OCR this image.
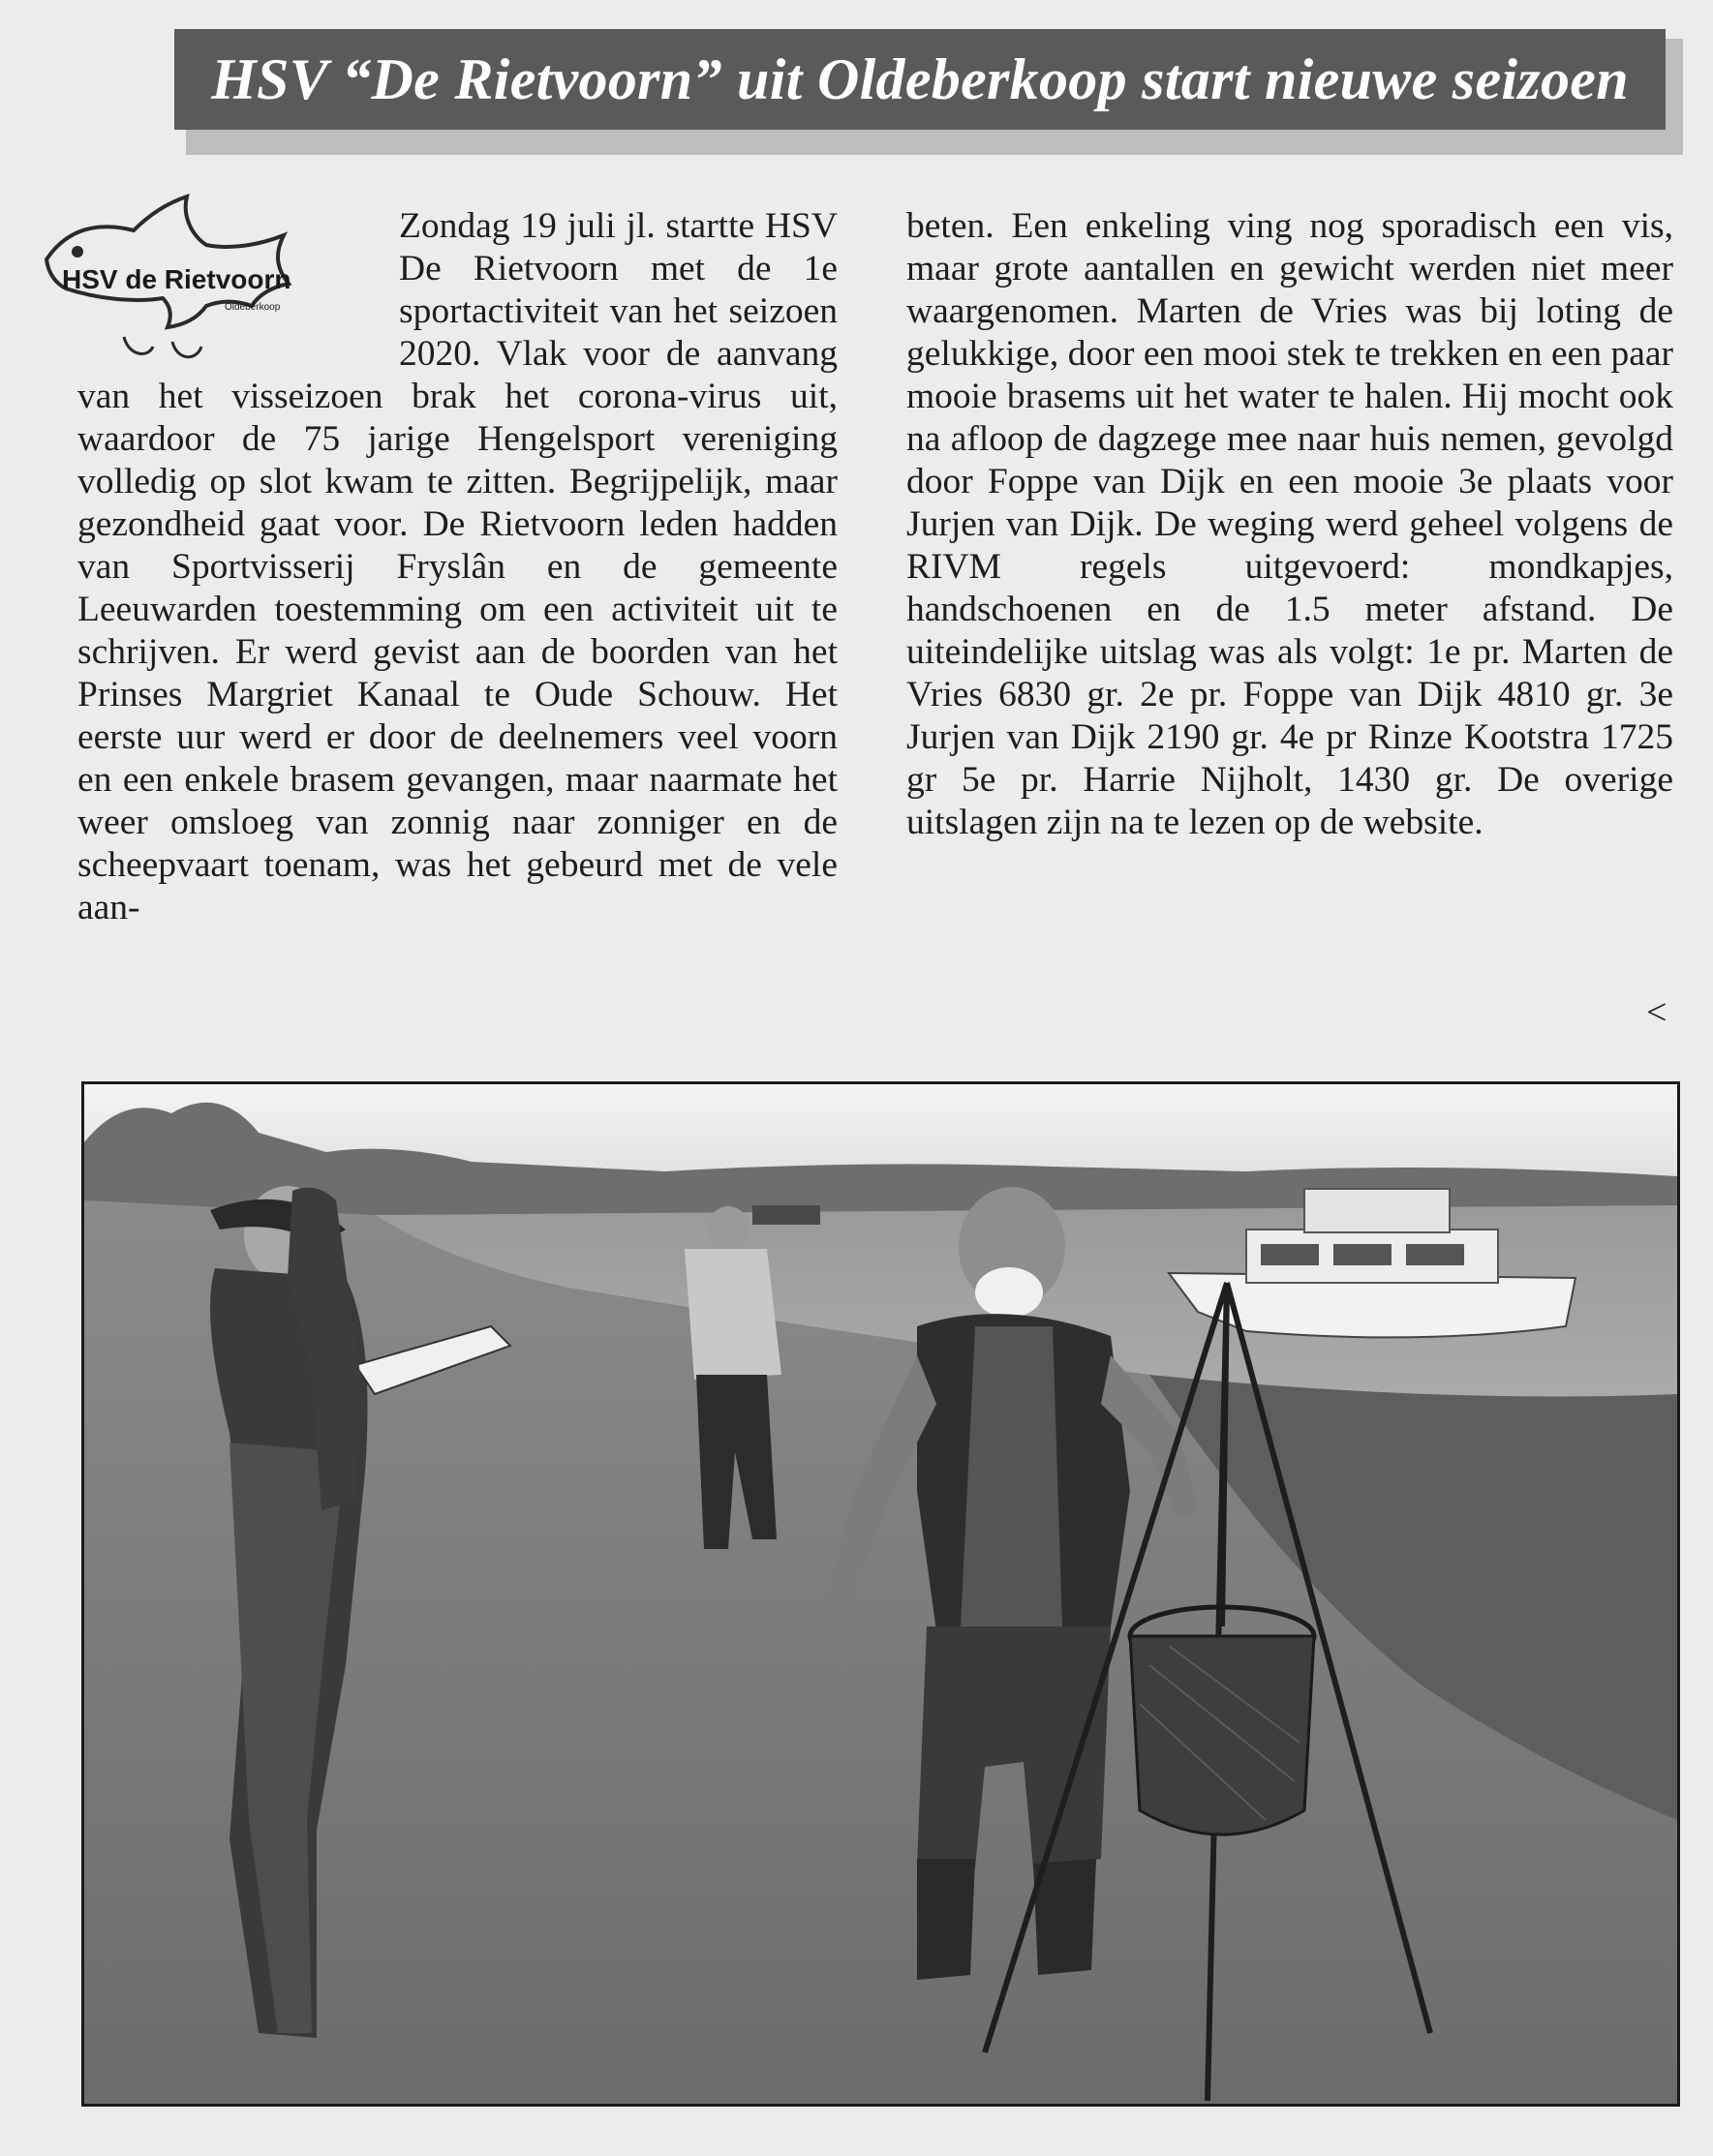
HSV “De Rietvoorn” uit Oldeberkoop start nieuwe seizoen
HSV de Rietvoorn
Oldeberkoop

Zondag 19 juli jl. startte HSV De Rietvoorn met de 1e sportactiviteit van het seizoen 2020. Vlak voor de aanvang van het visseizoen brak het corona-virus uit, waardoor de 75 jarige Hengelsport vereniging volledig op slot kwam te zitten. Begrijpelijk, maar gezondheid gaat voor. De Rietvoorn leden hadden van Sportvisserij Fryslân en de gemeente Leeuwarden toestemming om een activiteit uit te schrijven. Er werd gevist aan de boorden van het Prinses Margriet Kanaal te Oude Schouw. Het eerste uur werd er door de deelnemers veel voorn en een enkele brasem gevangen, maar naarmate het weer omsloeg van zonnig naar zonniger en de scheepvaart toenam, was het gebeurd met de vele aan-

beten. Een enkeling ving nog sporadisch een vis, maar grote aantallen en gewicht werden niet meer waargenomen. Marten de Vries was bij loting de gelukkige, door een mooi stek te trekken en een paar mooie brasems uit het water te halen. Hij mocht ook na afloop de dagzege mee naar huis nemen, gevolgd door Foppe van Dijk en een mooie 3e plaats voor Jurjen van Dijk. De weging werd geheel volgens de RIVM regels uitgevoerd: mondkapjes, handschoenen en de 1.5 meter afstand. De uiteindelijke uitslag was als volgt: 1e pr. Marten de Vries 6830 gr. 2e pr. Foppe van Dijk 4810 gr. 3e Jurjen van Dijk 2190 gr. 4e pr Rinze Kootstra 1725 gr 5e pr. Harrie Nijholt, 1430 gr. De overige uitslagen zijn na te lezen op de website.

<
